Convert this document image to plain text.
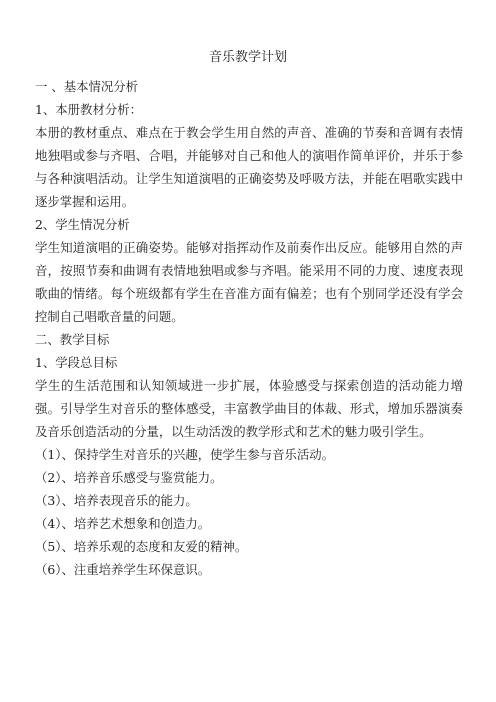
音乐教学计划
一 、基本情况分析
1、本册教材分析：

本册的教材重点、难点在于教会学生用自然的声音、准确的节奏和音调有表情地独唱或参与齐唱、合唱，并能够对自己和他人的演唱作简单评价，并乐于参与各种演唱活动。让学生知道演唱的正确姿势及呼吸方法，并能在唱歌实践中逐步掌握和运用。

2、学生情况分析

学生知道演唱的正确姿势。能够对指挥动作及前奏作出反应。能够用自然的声音，按照节奏和曲调有表情地独唱或参与齐唱。能采用不同的力度、速度表现歌曲的情绪。每个班级都有学生在音准方面有偏差；也有个别同学还没有学会控制自己唱歌音量的问题。

二、教学目标
1、学段总目标

学生的生活范围和认知领域进一步扩展，体验感受与探索创造的活动能力增强。引导学生对音乐的整体感受，丰富教学曲目的体裁、形式，增加乐器演奏及音乐创造活动的分量，以生动活泼的教学形式和艺术的魅力吸引学生。

（1）、保持学生对音乐的兴趣，使学生参与音乐活动。
（2）、培养音乐感受与鉴赏能力。
（3）、培养表现音乐的能力。
（4）、培养艺术想象和创造力。
（5）、培养乐观的态度和友爱的精神。
（6）、注重培养学生环保意识。
